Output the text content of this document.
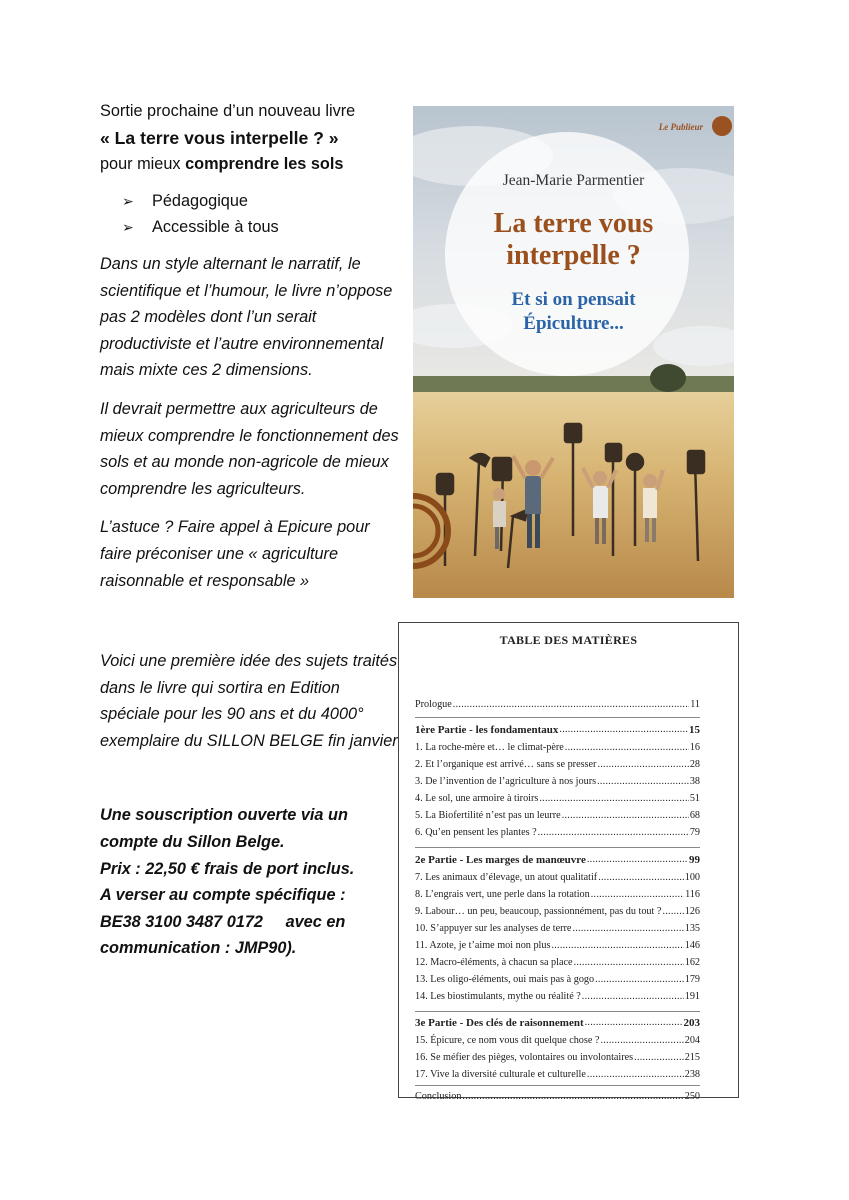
Sortie prochaine d’un nouveau livre

« La terre vous interpelle ? »

pour mieux comprendre les sols

➢ Pédagogique
➢ Accessible à tous

Dans un style alternant le narratif, le scientifique et l’humour, le livre n’oppose pas 2 modèles dont l’un serait productiviste et l’autre environnemental mais mixte ces 2 dimensions.

Il devrait permettre aux agriculteurs de mieux comprendre le fonctionnement des sols et au monde non-agricole de mieux comprendre les agriculteurs.

L’astuce ? Faire appel à Epicure pour faire préconiser une « agriculture raisonnable et responsable »

Voici une première idée des sujets traités dans le livre qui sortira en Edition spéciale pour les 90 ans et du 4000° exemplaire du SILLON BELGE fin janvier

Une souscription ouverte via un

compte du Sillon Belge.

Prix : 22,50 € frais de port inclus.

A verser au compte spécifique :

BE38 3100 3487 0172     avec en

communication : JMP90).

Le Publieur
Jean-Marie Parmentier
La terre vous
interpelle ?
Et si on pensait
Épiculture...
TABLE DES MATIÈRES
Prologue .....	11
1ère Partie - les fondamentaux .....	15
1. La roche-mère et… le climat-père .....	16
2. Et l’organique est arrivé… sans se presser .....	28
3. De l’invention de l’agriculture à nos jours .....	38
4. Le sol, une armoire à tiroirs .....	51
5. La Biofertilité n’est pas un leurre .....	68
6. Qu’en pensent les plantes ? .....	79
2e Partie - Les marges de manœuvre .....	99
7. Les animaux d’élevage, un atout qualitatif .....	100
8. L’engrais vert, une perle dans la rotation .....	116
9. Labour… un peu, beaucoup, passionnément, pas du tout ? ..... 126
10. S’appuyer sur les analyses de terre .....	135
11. Azote, je t’aime moi non plus .....	146
12. Macro-éléments, à chacun sa place .....	162
13. Les oligo-éléments, oui mais pas à gogo .....	179
14. Les biostimulants, mythe ou réalité ? .....	191
3e Partie - Des clés de raisonnement .....	203
15. Épicure, ce nom vous dit quelque chose ? .....	204
16. Se méfier des pièges, volontaires ou involontaires .....	215
17. Vive la diversité culturale et culturelle .....	238
Conclusion .....	250
